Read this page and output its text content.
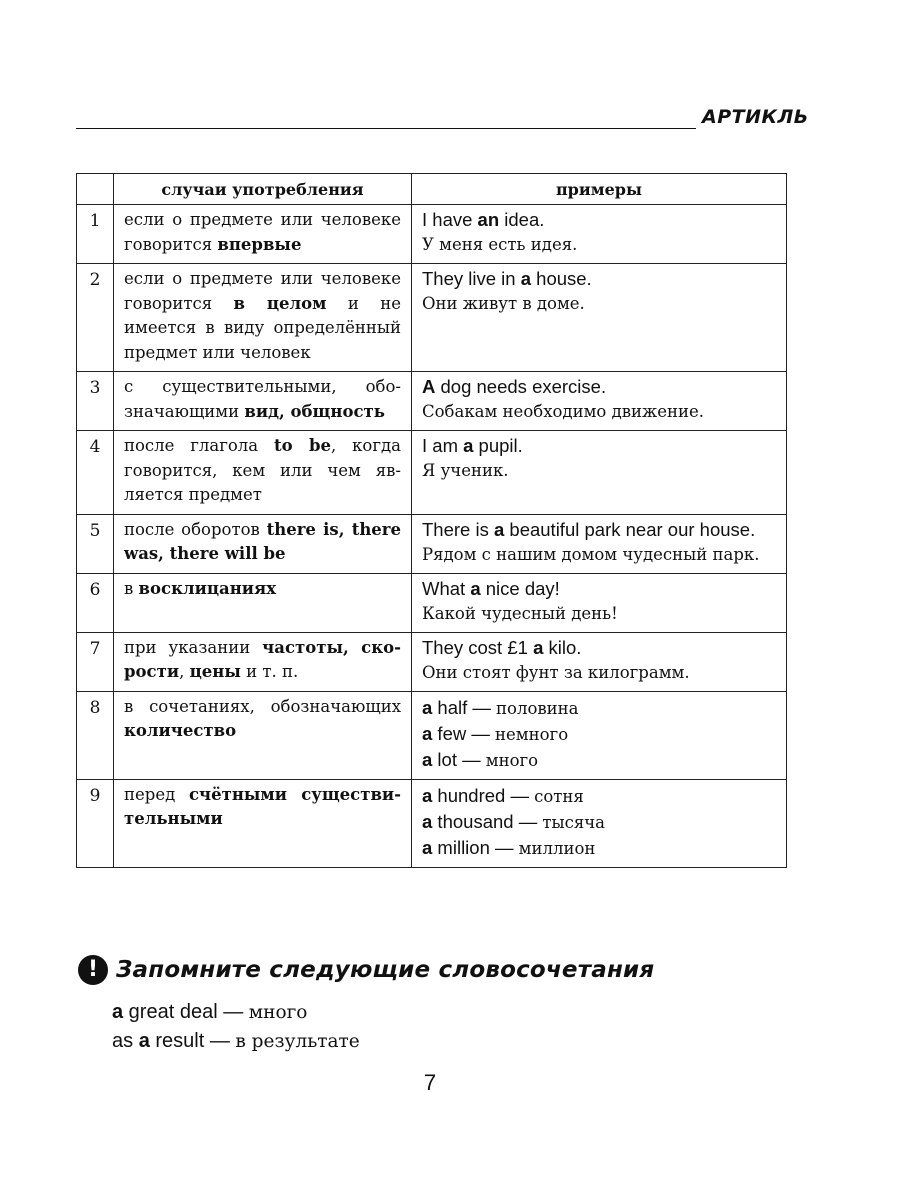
АРТИКЛЬ
	случаи употребления	примеры
1	если о предмете или человеке говорится впервые	I have an idea.
У меня есть идея.

2	если о предмете или человеке говорится в целом и не имеется в виду определённый предмет или человек	They live in a house.
Они живут в доме.

3	с существительными, обозначающими вид, общность	A dog needs exercise.
Собакам необходимо движение.

4	после глагола to be, когда говорится, кем или чем является предмет	I am a pupil.
Я ученик.

5	после оборотов there is, there was, there will be	There is a beautiful park near our house.
Рядом с нашим домом чудесный парк.

6	в восклицаниях	What a nice day!
Какой чудесный день!

7	при указании частоты, скорости, цены и т. п.	They cost £1 a kilo.
Они стоят фунт за килограмм.

8	в сочетаниях, обозначающих количество	a half — половина
a few — немного
a lot — много

9	перед счётными существительными	a hundred — сотня
a thousand — тысяча
a million — миллион
! Запомните следующие словосочетания
a great deal — много
as a result — в результате
7
